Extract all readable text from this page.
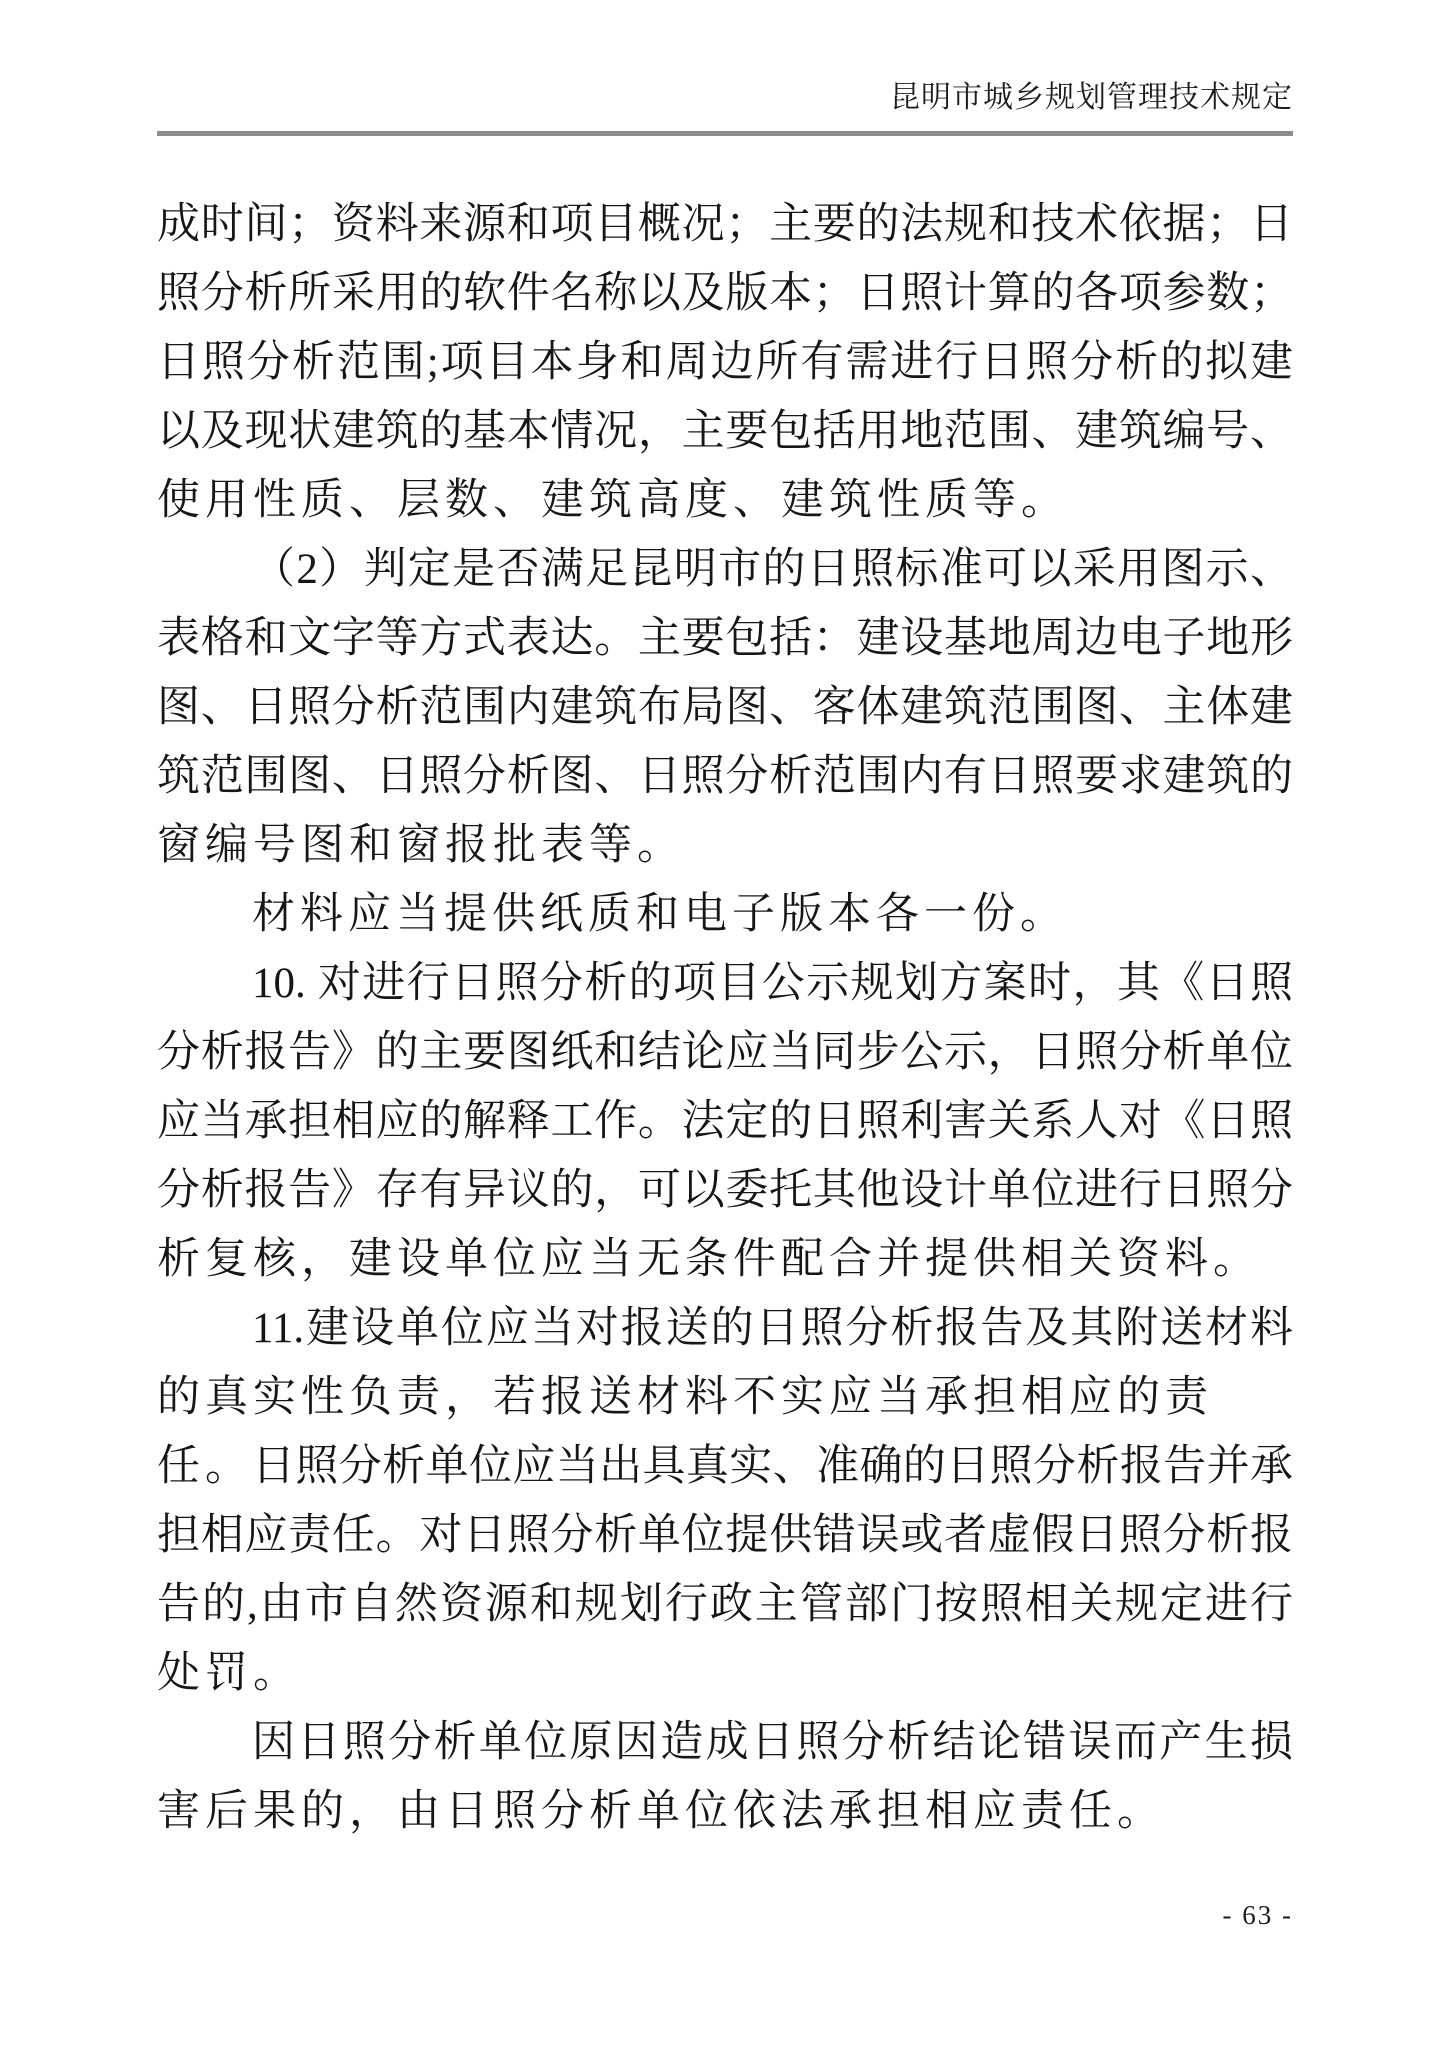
昆明市城乡规划管理技术规定
成时间；资料来源和项目概况；主要的法规和技术依据；日
照分析所采用的软件名称以及版本；日照计算的各项参数；
日照分析范围;项目本身和周边所有需进行日照分析的拟建
以及现状建筑的基本情况，主要包括用地范围、建筑编号、
使用性质、层数、建筑高度、建筑性质等。
（2）判定是否满足昆明市的日照标准可以采用图示、
表格和文字等方式表达。主要包括：建设基地周边电子地形
图、日照分析范围内建筑布局图、客体建筑范围图、主体建
筑范围图、日照分析图、日照分析范围内有日照要求建筑的
窗编号图和窗报批表等。
材料应当提供纸质和电子版本各一份。
10. 对进行日照分析的项目公示规划方案时，其《日照
分析报告》的主要图纸和结论应当同步公示，日照分析单位
应当承担相应的解释工作。法定的日照利害关系人对《日照
分析报告》存有异议的，可以委托其他设计单位进行日照分
析复核，建设单位应当无条件配合并提供相关资料。
11.建设单位应当对报送的日照分析报告及其附送材料
的真实性负责，若报送材料不实应当承担相应的责任。 日照分析单位应当出具真实、准确的日照分析报告并承
担相应责任。对日照分析单位提供错误或者虚假日照分析报
告的,由市自然资源和规划行政主管部门按照相关规定进行
处罚。
因日照分析单位原因造成日照分析结论错误而产生损
害后果的，由日照分析单位依法承担相应责任。
- 63 -
